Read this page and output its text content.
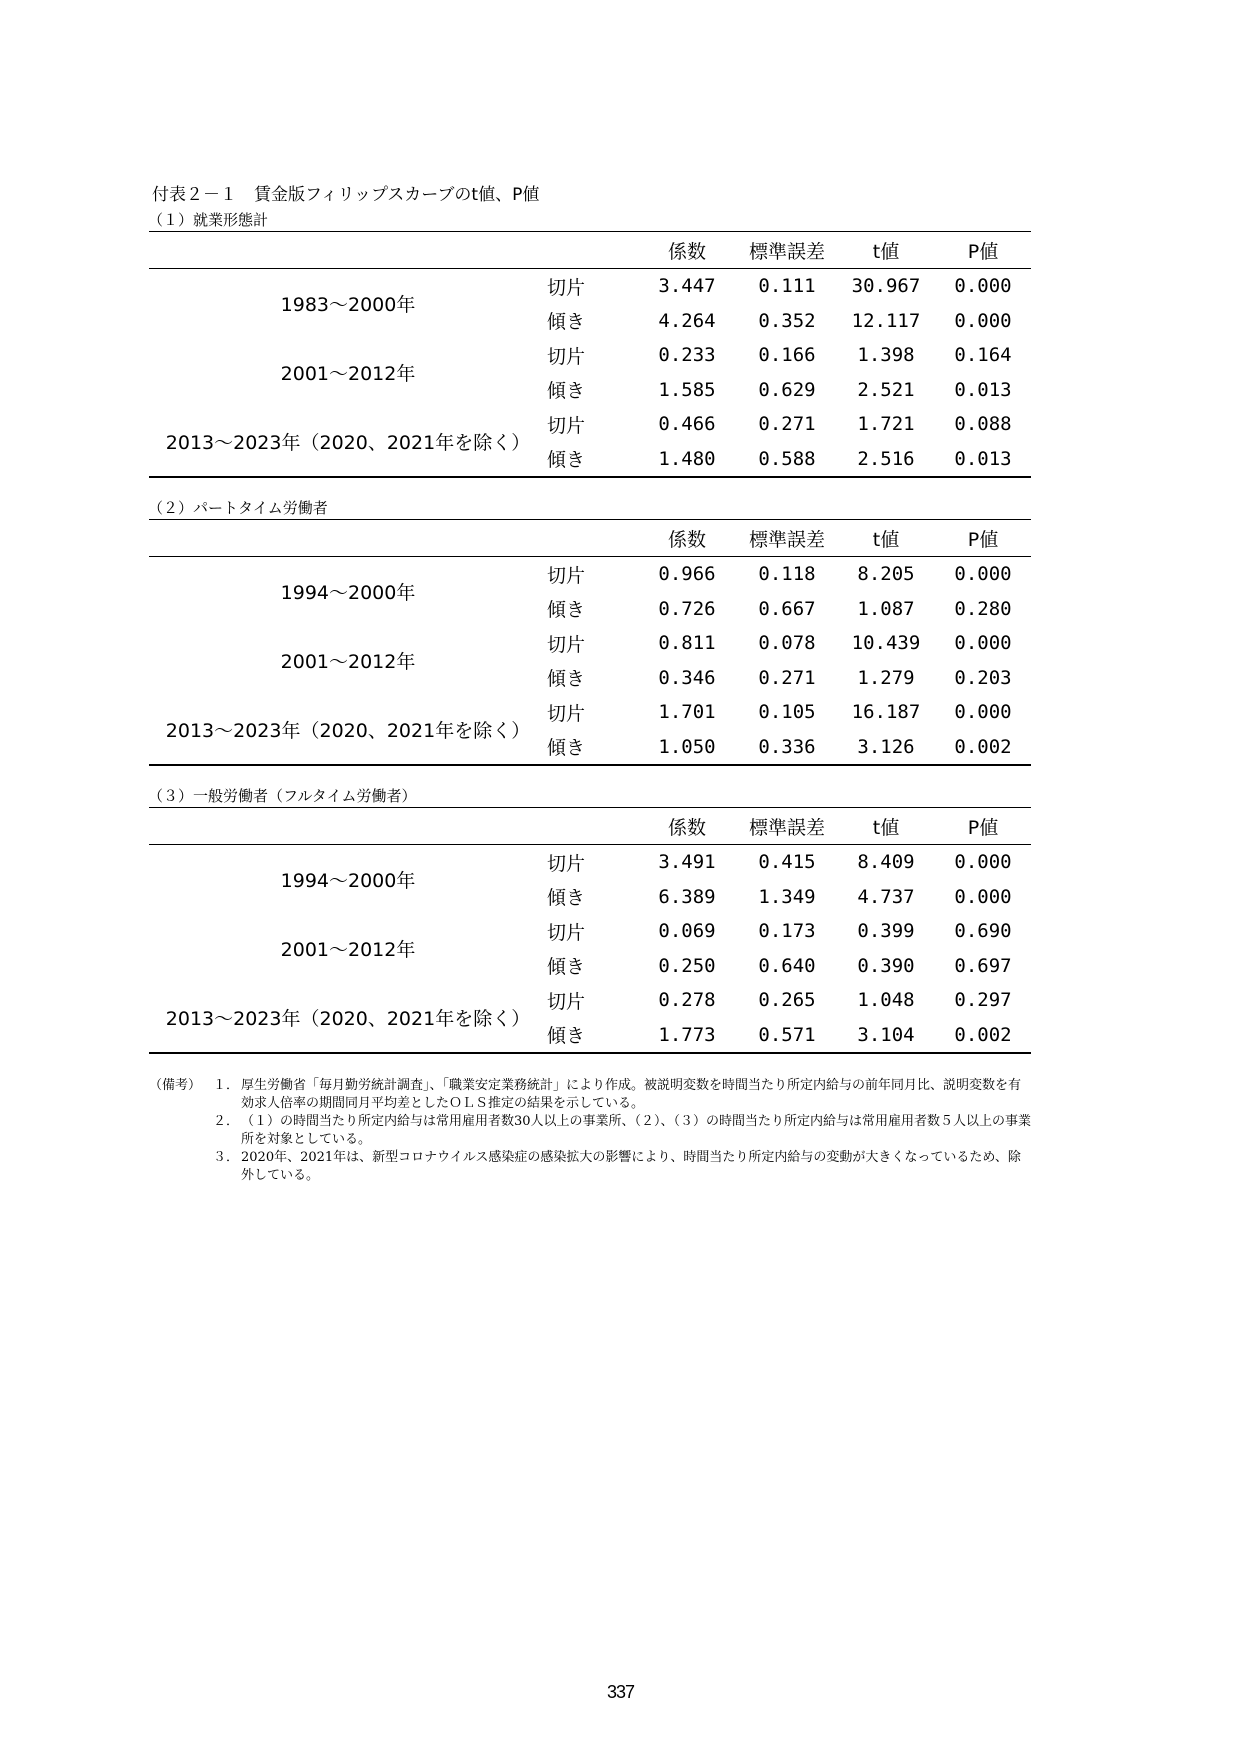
付表２－１　賃金版フィリップスカーブのt値、P値
（１）就業形態計
		係数	標準誤差	t値	P値
1983～2000年	切片	3.447	0.111	30.967	0.000
	傾き	4.264	0.352	12.117	0.000
2001～2012年	切片	0.233	0.166	1.398	0.164
	傾き	1.585	0.629	2.521	0.013
2013～2023年（2020、2021年を除く）	切片	0.466	0.271	1.721	0.088
	傾き	1.480	0.588	2.516	0.013
（２）パートタイム労働者
		係数	標準誤差	t値	P値
1994～2000年	切片	0.966	0.118	8.205	0.000
	傾き	0.726	0.667	1.087	0.280
2001～2012年	切片	0.811	0.078	10.439	0.000
	傾き	0.346	0.271	1.279	0.203
2013～2023年（2020、2021年を除く）	切片	1.701	0.105	16.187	0.000
	傾き	1.050	0.336	3.126	0.002
（３）一般労働者（フルタイム労働者）
		係数	標準誤差	t値	P値
1994～2000年	切片	3.491	0.415	8.409	0.000
	傾き	6.389	1.349	4.737	0.000
2001～2012年	切片	0.069	0.173	0.399	0.690
	傾き	0.250	0.640	0.390	0.697
2013～2023年（2020、2021年を除く）	切片	0.278	0.265	1.048	0.297
	傾き	1.773	0.571	3.104	0.002
（備考） １． 厚生労働省「毎月勤労統計調査」、「職業安定業務統計」により作成。被説明変数を時間当たり所定内給与の前年同月比、説明変数を有効求人倍率の期間同月平均差としたＯＬＳ推定の結果を示している。
２． （１）の時間当たり所定内給与は常用雇用者数30人以上の事業所、（２）、（３）の時間当たり所定内給与は常用雇用者数５人以上の事業所を対象としている。
３． 2020年、2021年は、新型コロナウイルス感染症の感染拡大の影響により、時間当たり所定内給与の変動が大きくなっているため、除外している。
337
